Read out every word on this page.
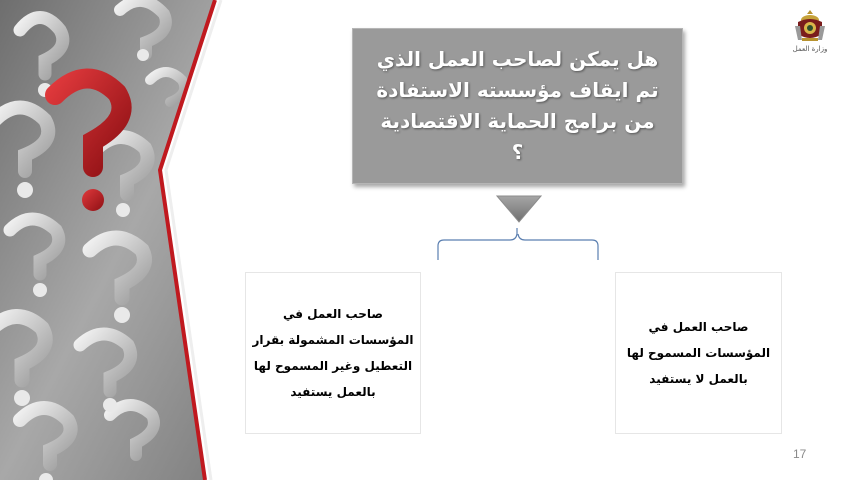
وزارة العمل
هل يمكن لصاحب العمل الذي
تم ايقاف مؤسسته الاستفادة
من برامج الحماية الاقتصادية
؟
صاحب العمل في
المؤسسات المشمولة بقرار
التعطيل وغير المسموح لها
بالعمل يستفيد
صاحب العمل في
المؤسسات المسموح لها
بالعمل لا يستفيد
17
